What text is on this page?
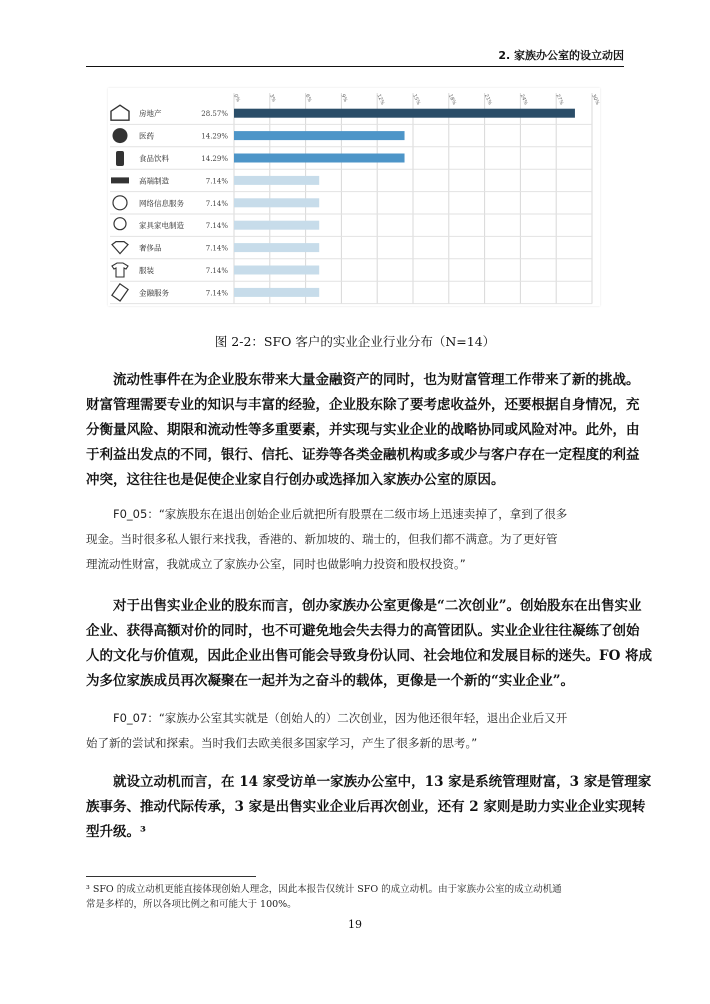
2. 家族办公室的设立动因
0%	3%	6%	9%	12%	15%	18%	21%	24%	27%	30%
房地产	28.57%
医药	14.29%
食品饮料	14.29%
高端制造	7.14%
网络信息服务	7.14%
家具家电制造	7.14%
奢侈品	7.14%
服装	7.14%
金融服务	7.14%
图 2-2：SFO 客户的实业企业行业分布（N=14）
流动性事件在为企业股东带来大量金融资产的同时，也为财富管理工作带来了新的挑战。
财富管理需要专业的知识与丰富的经验，企业股东除了要考虑收益外，还要根据自身情况，充
分衡量风险、期限和流动性等多重要素，并实现与实业企业的战略协同或风险对冲。此外，由
于利益出发点的不同，银行、信托、证券等各类金融机构或多或少与客户存在一定程度的利益
冲突，这往往也是促使企业家自行创办或选择加入家族办公室的原因。
F0_05：“家族股东在退出创始企业后就把所有股票在二级市场上迅速卖掉了，拿到了很多
现金。当时很多私人银行来找我，香港的、新加坡的、瑞士的，但我们都不满意。为了更好管
理流动性财富，我就成立了家族办公室，同时也做影响力投资和股权投资。”
对于出售实业企业的股东而言，创办家族办公室更像是“二次创业”。创始股东在出售实业
企业、获得高额对价的同时，也不可避免地会失去得力的高管团队。实业企业往往凝练了创始
人的文化与价值观，因此企业出售可能会导致身份认同、社会地位和发展目标的迷失。FO 将成
为多位家族成员再次凝聚在一起并为之奋斗的载体，更像是一个新的“实业企业”。
F0_07：“家族办公室其实就是（创始人的）二次创业，因为他还很年轻，退出企业后又开
始了新的尝试和探索。当时我们去欧美很多国家学习，产生了很多新的思考。”
就设立动机而言，在 14 家受访单一家族办公室中，13 家是系统管理财富，3 家是管理家
族事务、推动代际传承，3 家是出售实业企业后再次创业，还有 2 家则是助力实业企业实现转
型升级。³
³ SFO 的成立动机更能直接体现创始人理念，因此本报告仅统计 SFO 的成立动机。由于家族办公室的成立动机通
常是多样的，所以各项比例之和可能大于 100%。
19
